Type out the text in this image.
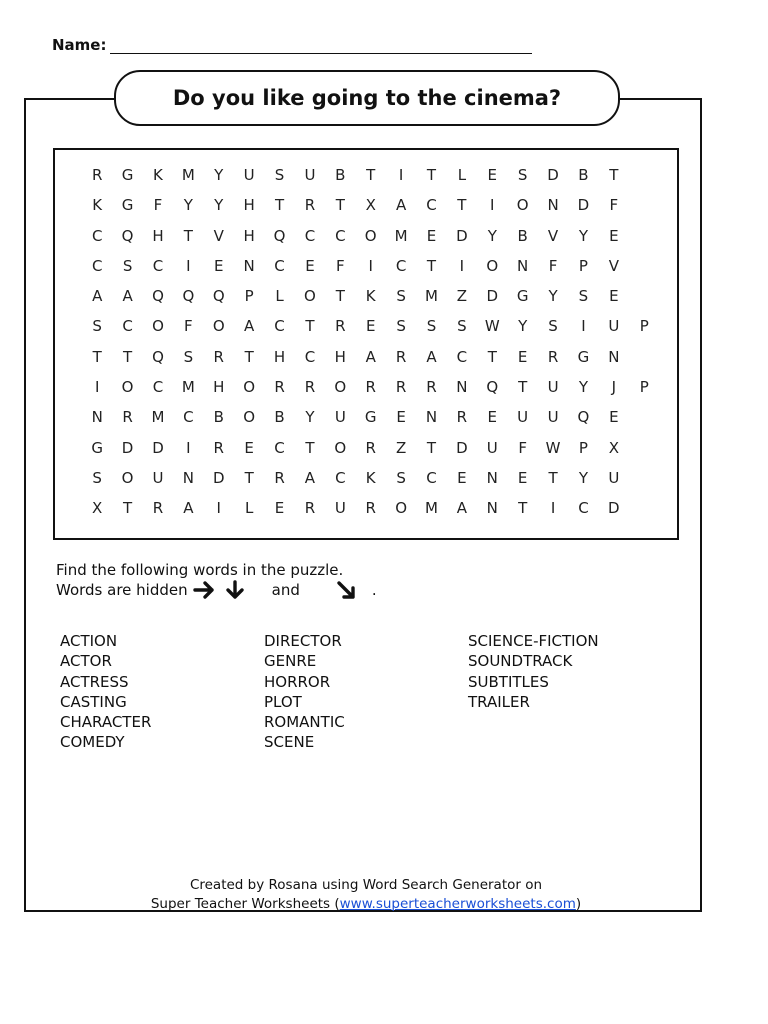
Name:
Do you like going to the cinema?
R	G	K	M	Y	U	S	U	B	T	I	T	L	E	S	D	B	T
K	G	F	Y	Y	H	T	R	T	X	A	C	T	I	O	N	D	F
C	Q	H	T	V	H	Q	C	C	O	M	E	D	Y	B	V	Y	E
C	S	C	I	E	N	C	E	F	I	C	T	I	O	N	F	P	V
A	A	Q	Q	Q	P	L	O	T	K	S	M	Z	D	G	Y	S	E
S	C	O	F	O	A	C	T	R	E	S	S	S	W	Y	S	I	U	P
T	T	Q	S	R	T	H	C	H	A	R	A	C	T	E	R	G	N
I	O	C	M	H	O	R	R	O	R	R	R	N	Q	T	U	Y	J	P
N	R	M	C	B	O	B	Y	U	G	E	N	R	E	U	U	Q	E
G	D	D	I	R	E	C	T	O	R	Z	T	D	U	F	W	P	X
S	O	U	N	D	T	R	A	C	K	S	C	E	N	E	T	Y	U
X	T	R	A	I	L	E	R	U	R	O	M	A	N	T	I	C	D
Find the following words in the puzzle.
Words are hidden	and	.
ACTION
ACTOR
ACTRESS
CASTING
CHARACTER
COMEDY
DIRECTOR
GENRE
HORROR
PLOT
ROMANTIC
SCENE
SCIENCE-FICTION
SOUNDTRACK
SUBTITLES
TRAILER
Created by Rosana using Word Search Generator on
Super Teacher Worksheets (www.superteacherworksheets.com)
